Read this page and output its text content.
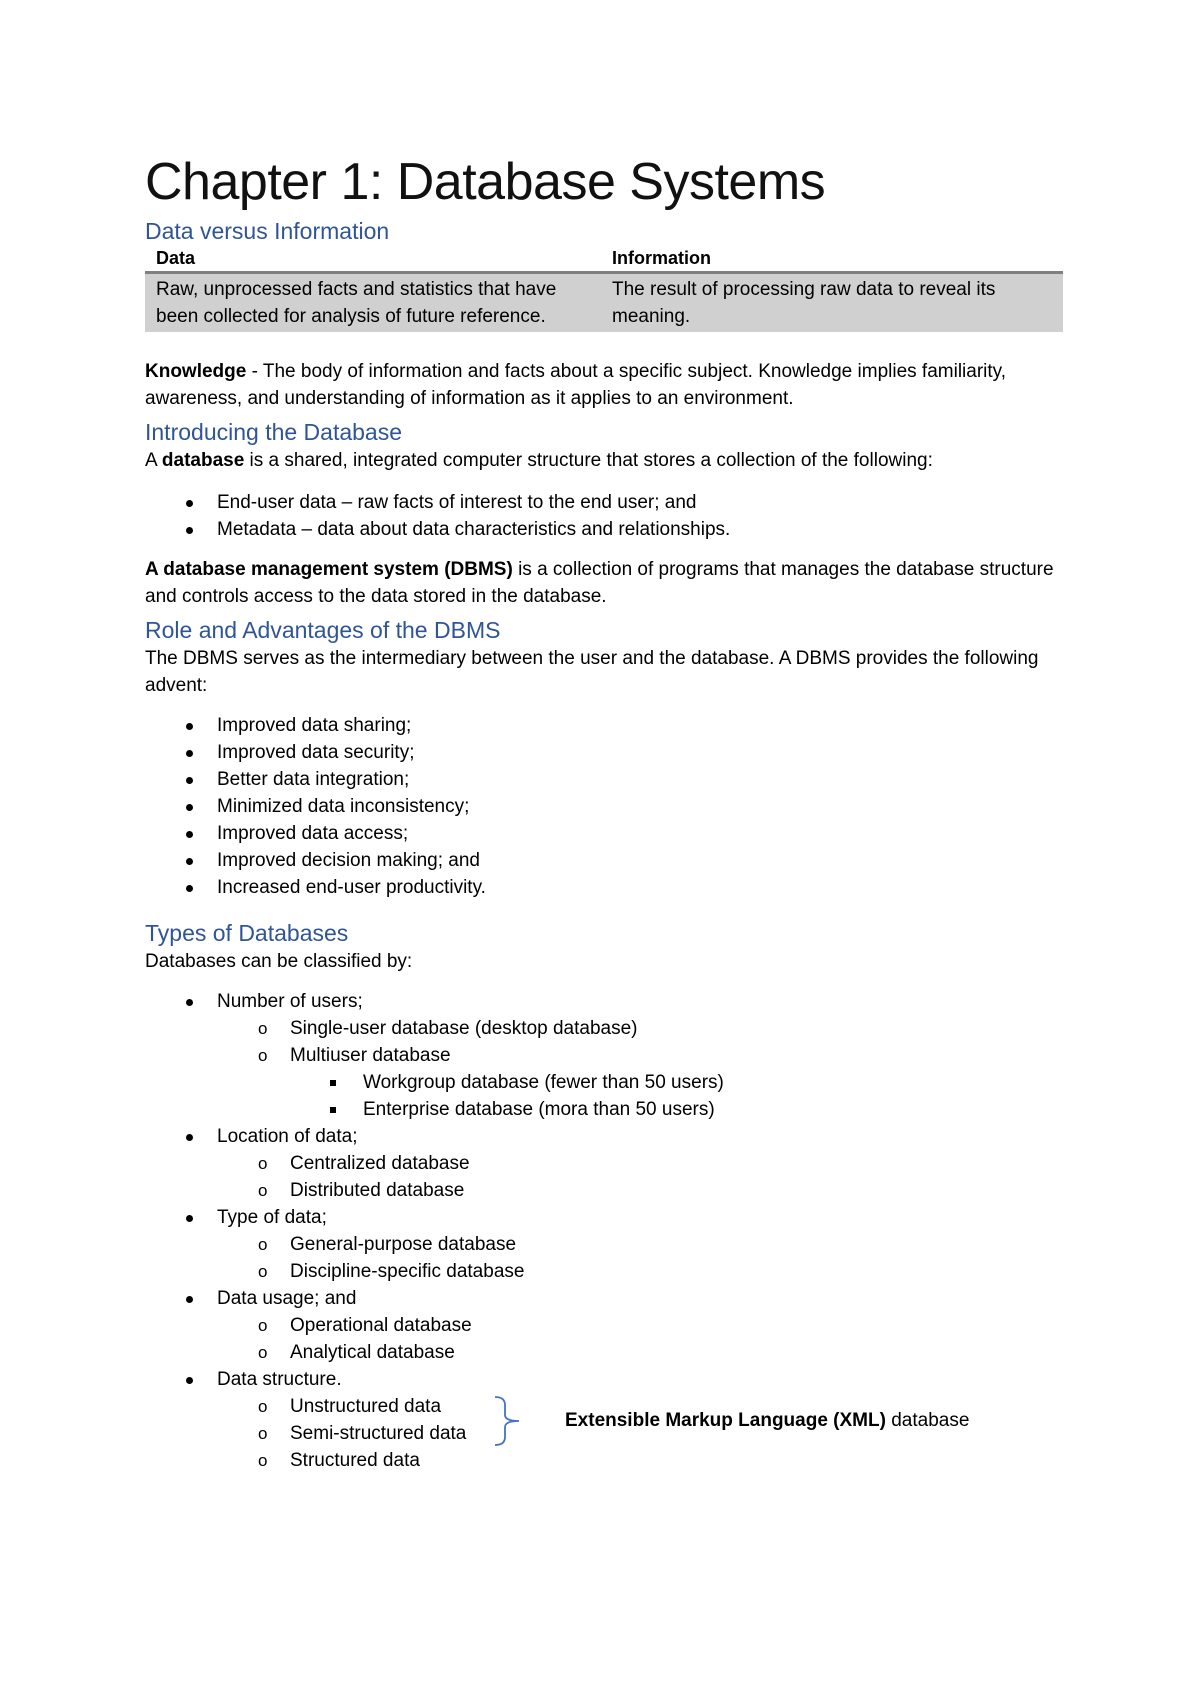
Chapter 1: Database Systems
Data versus Information
Data	Information
Raw, unprocessed facts and statistics that have been collected for analysis of future reference.	The result of processing raw data to reveal its meaning.

Knowledge - The body of information and facts about a specific subject. Knowledge implies familiarity, awareness, and understanding of information as it applies to an environment.

Introducing the Database

A database is a shared, integrated computer structure that stores a collection of the following:

End-user data – raw facts of interest to the end user; and
Metadata – data about data characteristics and relationships.

A database management system (DBMS) is a collection of programs that manages the database structure and controls access to the data stored in the database.

Role and Advantages of the DBMS

The DBMS serves as the intermediary between the user and the database. A DBMS provides the following advent:

Improved data sharing;
Improved data security;
Better data integration;
Minimized data inconsistency;
Improved data access;
Improved decision making; and
Increased end-user productivity.
Types of Databases

Databases can be classified by:

Number of users;
o Single-user database (desktop database)
o Multiuser database
Workgroup database (fewer than 50 users)
Enterprise database (mora than 50 users)
Location of data;
o Centralized database
o Distributed database
Type of data;
o General-purpose database
o Discipline-specific database
Data usage; and
o Operational database
o Analytical database
Data structure.
o Unstructured data
Extensible Markup Language (XML) database
o Semi-structured data
o Structured data
